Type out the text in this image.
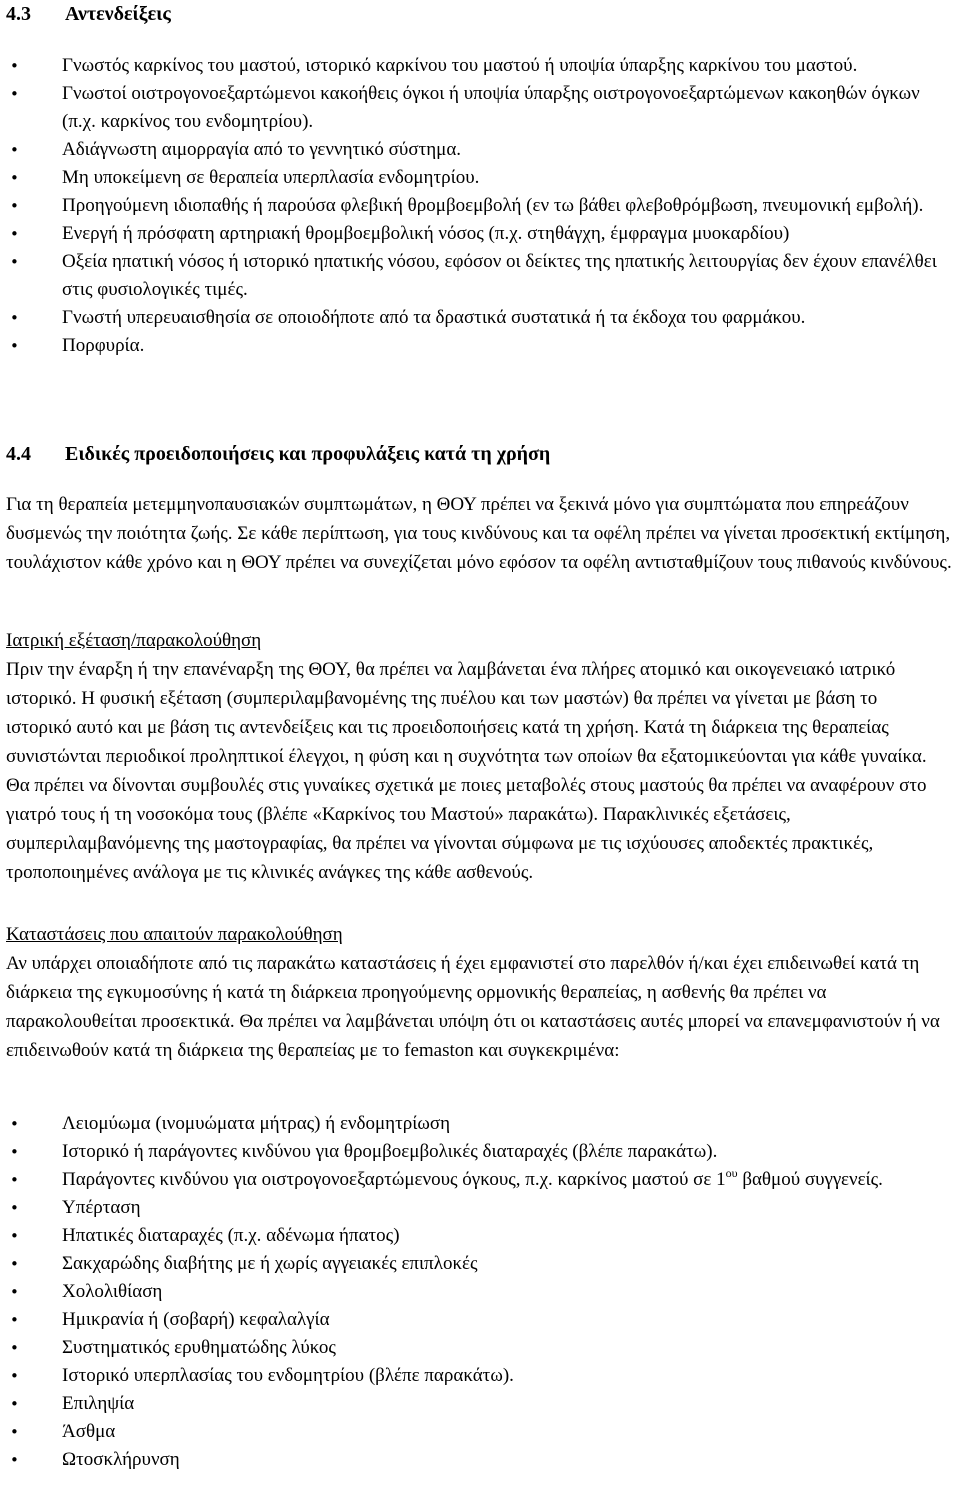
4.3 Αντενδείξεις
• Γνωστός καρκίνος του μαστού, ιστορικό καρκίνου του μαστού ή υποψία ύπαρξης καρκίνου του μαστού.
• Γνωστοί οιστρογονοεξαρτώμενοι κακοήθεις όγκοι ή υποψία ύπαρξης οιστρογονοεξαρτώμενων κακοηθών όγκων (π.χ. καρκίνος του ενδομητρίου).
• Αδιάγνωστη αιμορραγία από το γεννητικό σύστημα.
• Μη υποκείμενη σε θεραπεία υπερπλασία ενδομητρίου.
• Προηγούμενη ιδιοπαθής ή παρούσα φλεβική θρομβοεμβολή (εν τω βάθει φλεβοθρόμβωση, πνευμονική εμβολή).
• Ενεργή ή πρόσφατη αρτηριακή θρομβοεμβολική νόσος (π.χ. στηθάγχη, έμφραγμα μυοκαρδίου)
• Οξεία ηπατική νόσος ή ιστορικό ηπατικής νόσου, εφόσον οι δείκτες της ηπατικής λειτουργίας δεν έχουν επανέλθει στις φυσιολογικές τιμές.
• Γνωστή υπερευαισθησία σε οποιοδήποτε από τα δραστικά συστατικά ή τα έκδοχα του φαρμάκου.
• Πορφυρία.
4.4 Ειδικές προειδοποιήσεις και προφυλάξεις κατά τη χρήση

Για τη θεραπεία μετεμμηνοπαυσιακών συμπτωμάτων, η ΘΟΥ πρέπει να ξεκινά μόνο για συμπτώματα που επηρεάζουν δυσμενώς την ποιότητα ζωής. Σε κάθε περίπτωση, για τους κινδύνους και τα οφέλη πρέπει να γίνεται προσεκτική εκτίμηση, τουλάχιστον κάθε χρόνο και η ΘΟΥ πρέπει να συνεχίζεται μόνο εφόσον τα οφέλη αντισταθμίζουν τους πιθανούς κινδύνους.

Ιατρική εξέταση/παρακολούθηση

Πριν την έναρξη ή την επανέναρξη της ΘΟΥ, θα πρέπει να λαμβάνεται ένα πλήρες ατομικό και οικογενειακό ιατρικό ιστορικό. Η φυσική εξέταση (συμπεριλαμβανομένης της πυέλου και των μαστών) θα πρέπει να γίνεται με βάση το ιστορικό αυτό και με βάση τις αντενδείξεις και τις προειδοποιήσεις κατά τη χρήση. Κατά τη διάρκεια της θεραπείας συνιστώνται περιοδικοί προληπτικοί έλεγχοι, η φύση και η συχνότητα των οποίων θα εξατομικεύονται για κάθε γυναίκα. Θα πρέπει να δίνονται συμβουλές στις γυναίκες σχετικά με ποιες μεταβολές στους μαστούς θα πρέπει να αναφέρουν στο γιατρό τους ή τη νοσοκόμα τους (βλέπε «Καρκίνος του Μαστού» παρακάτω). Παρακλινικές εξετάσεις, συμπεριλαμβανόμενης της μαστογραφίας, θα πρέπει να γίνονται σύμφωνα με τις ισχύουσες αποδεκτές πρακτικές, τροποποιημένες ανάλογα με τις κλινικές ανάγκες της κάθε ασθενούς.

Καταστάσεις που απαιτούν παρακολούθηση

Αν υπάρχει οποιαδήποτε από τις παρακάτω καταστάσεις ή έχει εμφανιστεί στο παρελθόν ή/και έχει επιδεινωθεί κατά τη διάρκεια της εγκυμοσύνης ή κατά τη διάρκεια προηγούμενης ορμονικής θεραπείας, η ασθενής θα πρέπει να παρακολουθείται προσεκτικά. Θα πρέπει να λαμβάνεται υπόψη ότι οι καταστάσεις αυτές μπορεί να επανεμφανιστούν ή να επιδεινωθούν κατά τη διάρκεια της θεραπείας με το femaston και συγκεκριμένα:

• Λειομύωμα (ινομυώματα μήτρας) ή ενδομητρίωση
• Ιστορικό ή παράγοντες κινδύνου για θρομβοεμβολικές διαταραχές (βλέπε παρακάτω).
• Παράγοντες κινδύνου για οιστρογονοεξαρτώμενους όγκους, π.χ. καρκίνος μαστού σε $1^{o\upsilon}$ βαθμού συγγενείς.
• Υπέρταση
• Ηπατικές διαταραχές (π.χ. αδένωμα ήπατος)
• Σακχαρώδης διαβήτης με ή χωρίς αγγειακές επιπλοκές
• Χολολιθίαση
• Ημικρανία ή (σοβαρή) κεφαλαλγία
• Συστηματικός ερυθηματώδης λύκος
• Ιστορικό υπερπλασίας του ενδομητρίου (βλέπε παρακάτω).
• Επιληψία
• Άσθμα
• Ωτοσκλήρυνση
